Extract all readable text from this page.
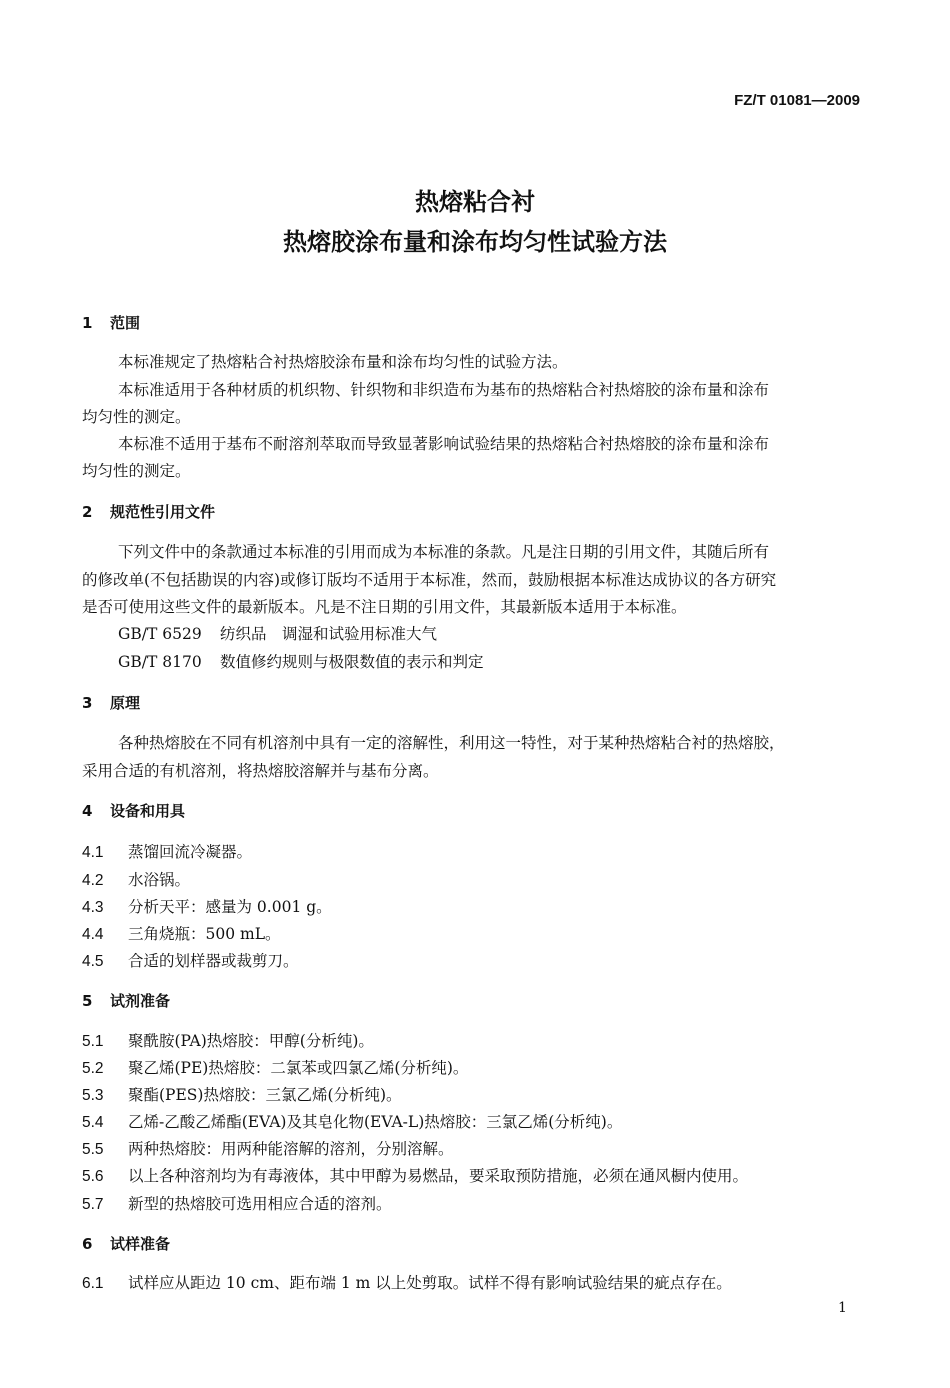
FZ/T 01081—2009
热熔粘合衬
热熔胶涂布量和涂布均匀性试验方法
1 范围
本标准规定了热熔粘合衬热熔胶涂布量和涂布均匀性的试验方法。
本标准适用于各种材质的机织物、针织物和非织造布为基布的热熔粘合衬热熔胶的涂布量和涂布
均匀性的测定。
本标准不适用于基布不耐溶剂萃取而导致显著影响试验结果的热熔粘合衬热熔胶的涂布量和涂布
均匀性的测定。
2 规范性引用文件
下列文件中的条款通过本标准的引用而成为本标准的条款。凡是注日期的引用文件，其随后所有
的修改单(不包括勘误的内容)或修订版均不适用于本标准，然而，鼓励根据本标准达成协议的各方研究
是否可使用这些文件的最新版本。凡是不注日期的引用文件，其最新版本适用于本标准。
GB/T 6529 纺织品　调湿和试验用标准大气
GB/T 8170 数值修约规则与极限数值的表示和判定
3 原理
各种热熔胶在不同有机溶剂中具有一定的溶解性，利用这一特性，对于某种热熔粘合衬的热熔胶，
采用合适的有机溶剂，将热熔胶溶解并与基布分离。
4 设备和用具
4.1 蒸馏回流冷凝器。
4.2 水浴锅。
4.3 分析天平：感量为 0.001 g。
4.4 三角烧瓶：500 mL。
4.5 合适的划样器或裁剪刀。
5 试剂准备
5.1 聚酰胺(PA)热熔胶：甲醇(分析纯)。
5.2 聚乙烯(PE)热熔胶：二氯苯或四氯乙烯(分析纯)。
5.3 聚酯(PES)热熔胶：三氯乙烯(分析纯)。
5.4 乙烯-乙酸乙烯酯(EVA)及其皂化物(EVA-L)热熔胶：三氯乙烯(分析纯)。
5.5 两种热熔胶：用两种能溶解的溶剂，分别溶解。
5.6 以上各种溶剂均为有毒液体，其中甲醇为易燃品，要采取预防措施，必须在通风橱内使用。
5.7 新型的热熔胶可选用相应合适的溶剂。
6 试样准备
6.1 试样应从距边 10 cm、距布端 1 m 以上处剪取。试样不得有影响试验结果的疵点存在。
1
